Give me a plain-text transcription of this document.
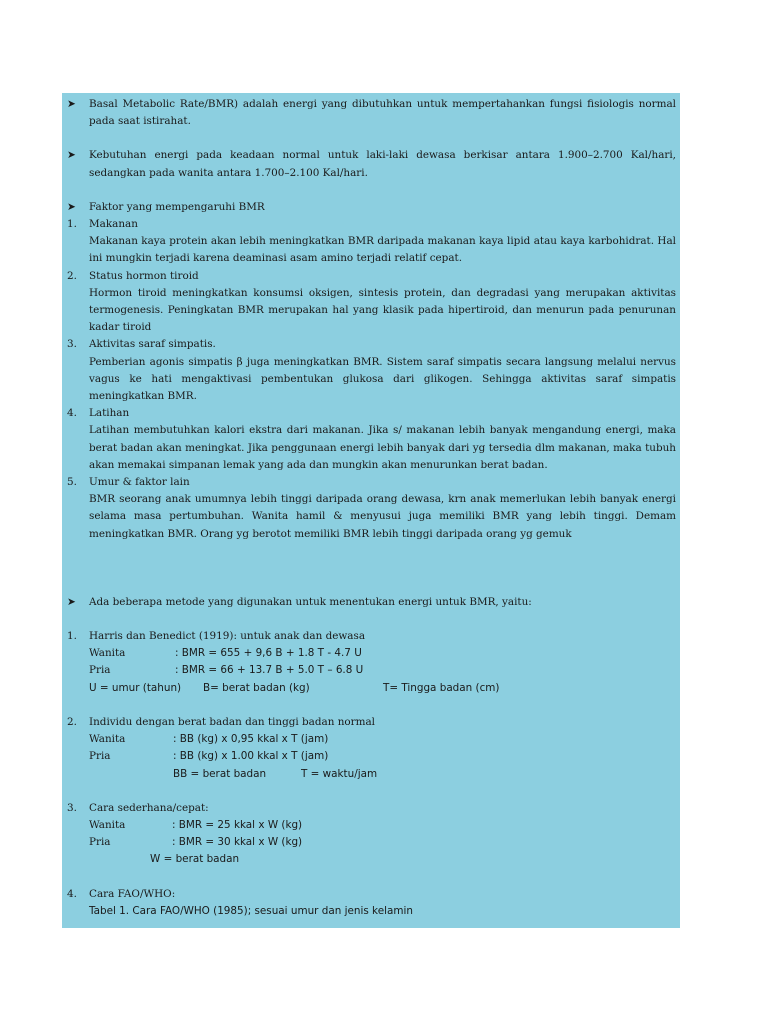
➤	Basal Metabolic Rate/BMR) adalah energi yang dibutuhkan untuk mempertahankan fungsi fisiologis normal pada saat istirahat.
➤	Kebutuhan energi pada keadaan normal untuk laki-laki dewasa berkisar antara 1.900–2.700 Kal/hari, sedangkan pada wanita antara 1.700–2.100 Kal/hari.
➤	Faktor yang mempengaruhi BMR
1.	Makanan
Makanan kaya protein akan lebih meningkatkan BMR daripada makanan kaya lipid atau kaya karbohidrat. Hal ini mungkin terjadi karena deaminasi asam amino terjadi relatif cepat.
2.	Status hormon tiroid
Hormon tiroid meningkatkan konsumsi oksigen, sintesis protein, dan degradasi yang merupakan aktivitas termogenesis. Peningkatan BMR merupakan hal yang klasik pada hipertiroid, dan menurun pada penurunan kadar tiroid
3.	Aktivitas saraf simpatis.
Pemberian agonis simpatis β juga meningkatkan BMR. Sistem saraf simpatis secara langsung melalui nervus vagus ke hati mengaktivasi pembentukan glukosa dari glikogen. Sehingga aktivitas saraf simpatis meningkatkan BMR.
4.	Latihan
Latihan membutuhkan kalori ekstra dari makanan. Jika s/ makanan lebih banyak mengandung energi, maka berat badan akan meningkat. Jika penggunaan energi lebih banyak dari yg tersedia dlm makanan, maka tubuh akan memakai simpanan lemak yang ada dan mungkin akan menurunkan berat badan.
5.	Umur & faktor lain
BMR seorang anak umumnya lebih tinggi daripada orang dewasa, krn anak memerlukan lebih banyak energi selama masa pertumbuhan. Wanita hamil & menyusui juga memiliki BMR yang lebih tinggi. Demam meningkatkan BMR. Orang yg berotot memiliki BMR lebih tinggi daripada orang yg gemuk
➤	Ada beberapa metode yang digunakan untuk menentukan energi untuk BMR, yaitu:
1.	Harris dan Benedict (1919): untuk anak dan dewasa
Wanita	: BMR = 655 + 9,6 B + 1.8 T - 4.7 U
Pria	: BMR = 66 + 13.7 B + 5.0 T – 6.8 U
U = umur (tahun)	B= berat badan (kg)	T= Tingga badan (cm)
2.	Individu dengan berat badan dan tinggi badan normal
Wanita	: BB (kg) x 0,95 kkal x T (jam)
Pria	: BB (kg) x 1.00 kkal x T (jam)
BB = berat badan	T = waktu/jam
3.	Cara sederhana/cepat:
Wanita	: BMR = 25 kkal x W (kg)
Pria	: BMR = 30 kkal x W (kg)
W = berat badan
4.	Cara FAO/WHO:
Tabel 1. Cara FAO/WHO (1985); sesuai umur dan jenis kelamin
